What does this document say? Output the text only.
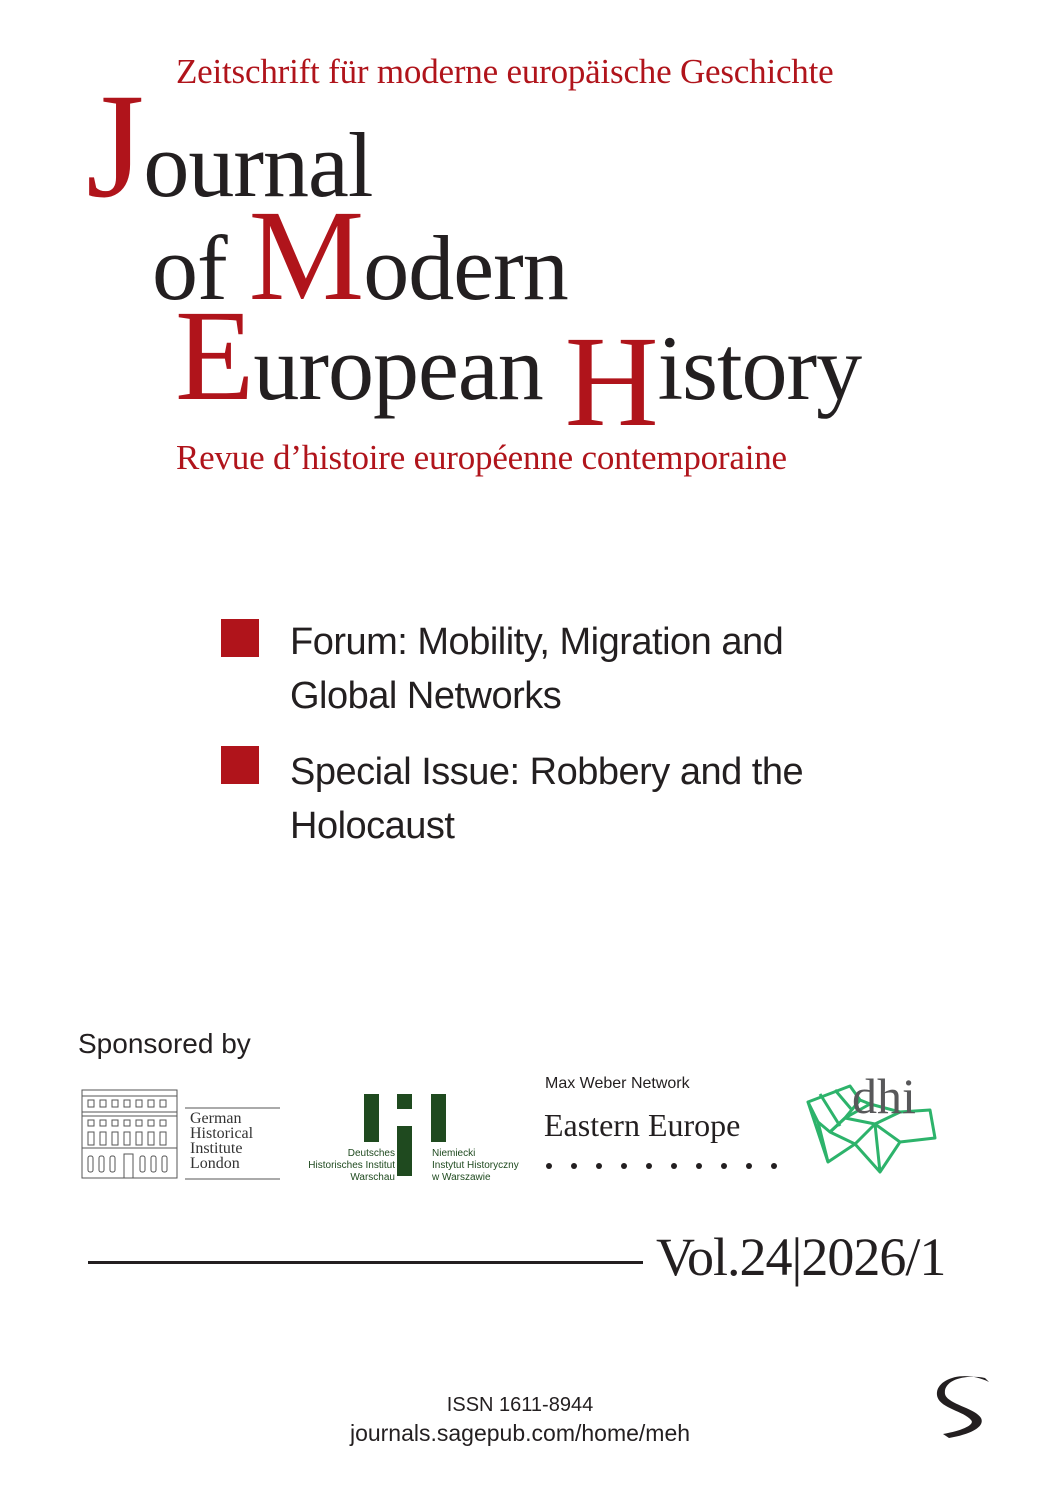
Zeitschrift für moderne europäische Geschichte
Journal
of Modern
European History
Revue d’histoire européenne contemporaine
Forum: Mobility, Migration and
Global Networks
Special Issue: Robbery and the
Holocaust
Sponsored by
German
Historical
Institute
London
Deutsches
Historisches Institut
Warschau
Niemiecki
Instytut Historyczny
w Warszawie
Max Weber Network
Eastern Europe
dhi
Vol.24|2026/1
ISSN 1611-8944
journals.sagepub.com/home/meh
